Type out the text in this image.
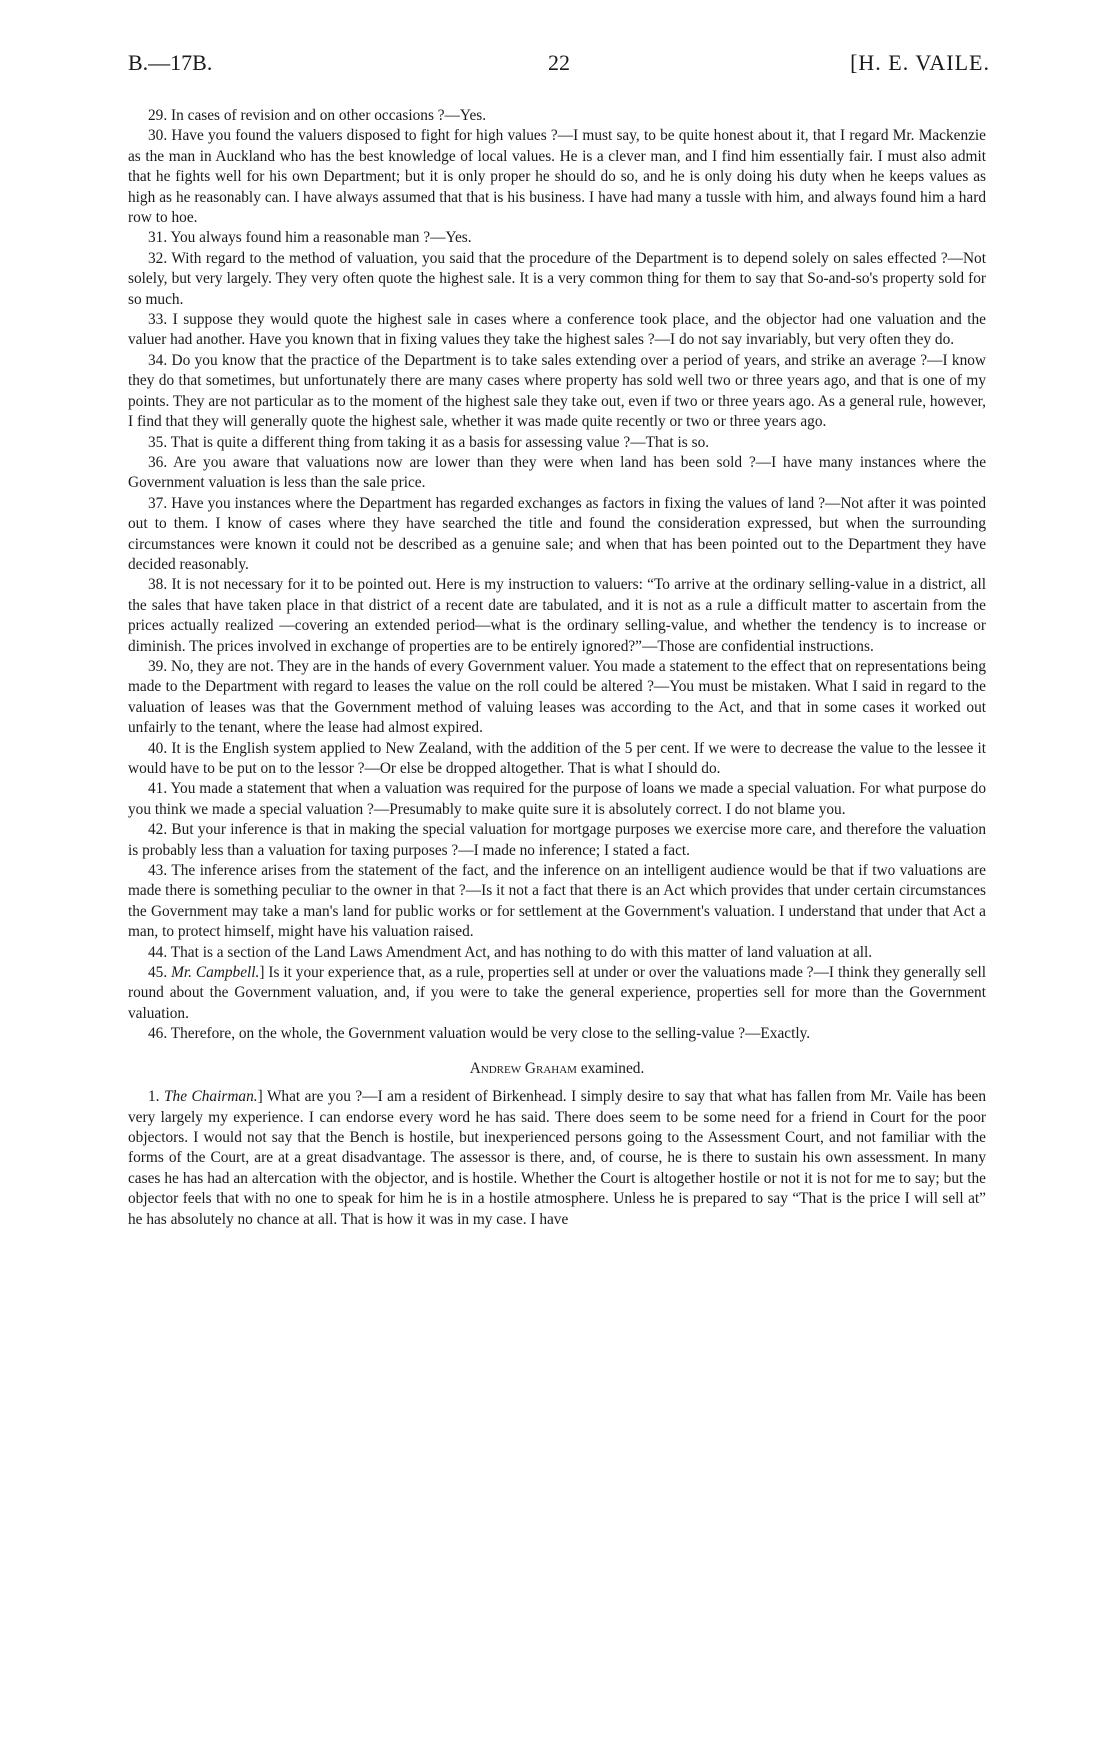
B.—17B.	22	[H. E. VAILE.

29. In cases of revision and on other occasions ?—Yes.

30. Have you found the valuers disposed to fight for high values ?—I must say, to be quite honest about it, that I regard Mr. Mackenzie as the man in Auckland who has the best knowledge of local values. He is a clever man, and I find him essentially fair. I must also admit that he fights well for his own Department; but it is only proper he should do so, and he is only doing his duty when he keeps values as high as he reasonably can. I have always assumed that that is his business. I have had many a tussle with him, and always found him a hard row to hoe.

31. You always found him a reasonable man ?—Yes.

32. With regard to the method of valuation, you said that the procedure of the Department is to depend solely on sales effected ?—Not solely, but very largely. They very often quote the highest sale. It is a very common thing for them to say that So-and-so's property sold for so much.

33. I suppose they would quote the highest sale in cases where a conference took place, and the objector had one valuation and the valuer had another. Have you known that in fixing values they take the highest sales ?—I do not say invariably, but very often they do.

34. Do you know that the practice of the Department is to take sales extending over a period of years, and strike an average ?—I know they do that sometimes, but unfortunately there are many cases where property has sold well two or three years ago, and that is one of my points. They are not particular as to the moment of the highest sale they take out, even if two or three years ago. As a general rule, however, I find that they will generally quote the highest sale, whether it was made quite recently or two or three years ago.

35. That is quite a different thing from taking it as a basis for assessing value ?—That is so.

36. Are you aware that valuations now are lower than they were when land has been sold ?—I have many instances where the Government valuation is less than the sale price.

37. Have you instances where the Department has regarded exchanges as factors in fixing the values of land ?—Not after it was pointed out to them. I know of cases where they have searched the title and found the consideration expressed, but when the surrounding circumstances were known it could not be described as a genuine sale; and when that has been pointed out to the Department they have decided reasonably.

38. It is not necessary for it to be pointed out. Here is my instruction to valuers: “To arrive at the ordinary selling-value in a district, all the sales that have taken place in that district of a recent date are tabulated, and it is not as a rule a difficult matter to ascertain from the prices actually realized —covering an extended period—what is the ordinary selling-value, and whether the tendency is to increase or diminish. The prices involved in exchange of properties are to be entirely ignored?”—Those are confidential instructions.

39. No, they are not. They are in the hands of every Government valuer. You made a statement to the effect that on representations being made to the Department with regard to leases the value on the roll could be altered ?—You must be mistaken. What I said in regard to the valuation of leases was that the Government method of valuing leases was according to the Act, and that in some cases it worked out unfairly to the tenant, where the lease had almost expired.

40. It is the English system applied to New Zealand, with the addition of the 5 per cent. If we were to decrease the value to the lessee it would have to be put on to the lessor ?—Or else be dropped altogether. That is what I should do.

41. You made a statement that when a valuation was required for the purpose of loans we made a special valuation. For what purpose do you think we made a special valuation ?—Presumably to make quite sure it is absolutely correct. I do not blame you.

42. But your inference is that in making the special valuation for mortgage purposes we exercise more care, and therefore the valuation is probably less than a valuation for taxing purposes ?—I made no inference; I stated a fact.

43. The inference arises from the statement of the fact, and the inference on an intelligent audience would be that if two valuations are made there is something peculiar to the owner in that ?—Is it not a fact that there is an Act which provides that under certain circumstances the Government may take a man's land for public works or for settlement at the Government's valuation. I understand that under that Act a man, to protect himself, might have his valuation raised.

44. That is a section of the Land Laws Amendment Act, and has nothing to do with this matter of land valuation at all.

45. Mr. Campbell.] Is it your experience that, as a rule, properties sell at under or over the valuations made ?—I think they generally sell round about the Government valuation, and, if you were to take the general experience, properties sell for more than the Government valuation.

46. Therefore, on the whole, the Government valuation would be very close to the selling-value ?—Exactly.

Andrew Graham examined.

1. The Chairman.] What are you ?—I am a resident of Birkenhead. I simply desire to say that what has fallen from Mr. Vaile has been very largely my experience. I can endorse every word he has said. There does seem to be some need for a friend in Court for the poor objectors. I would not say that the Bench is hostile, but inexperienced persons going to the Assessment Court, and not familiar with the forms of the Court, are at a great disadvantage. The assessor is there, and, of course, he is there to sustain his own assessment. In many cases he has had an altercation with the objector, and is hostile. Whether the Court is altogether hostile or not it is not for me to say; but the objector feels that with no one to speak for him he is in a hostile atmosphere. Unless he is prepared to say “That is the price I will sell at” he has absolutely no chance at all. That is how it was in my case. I have
